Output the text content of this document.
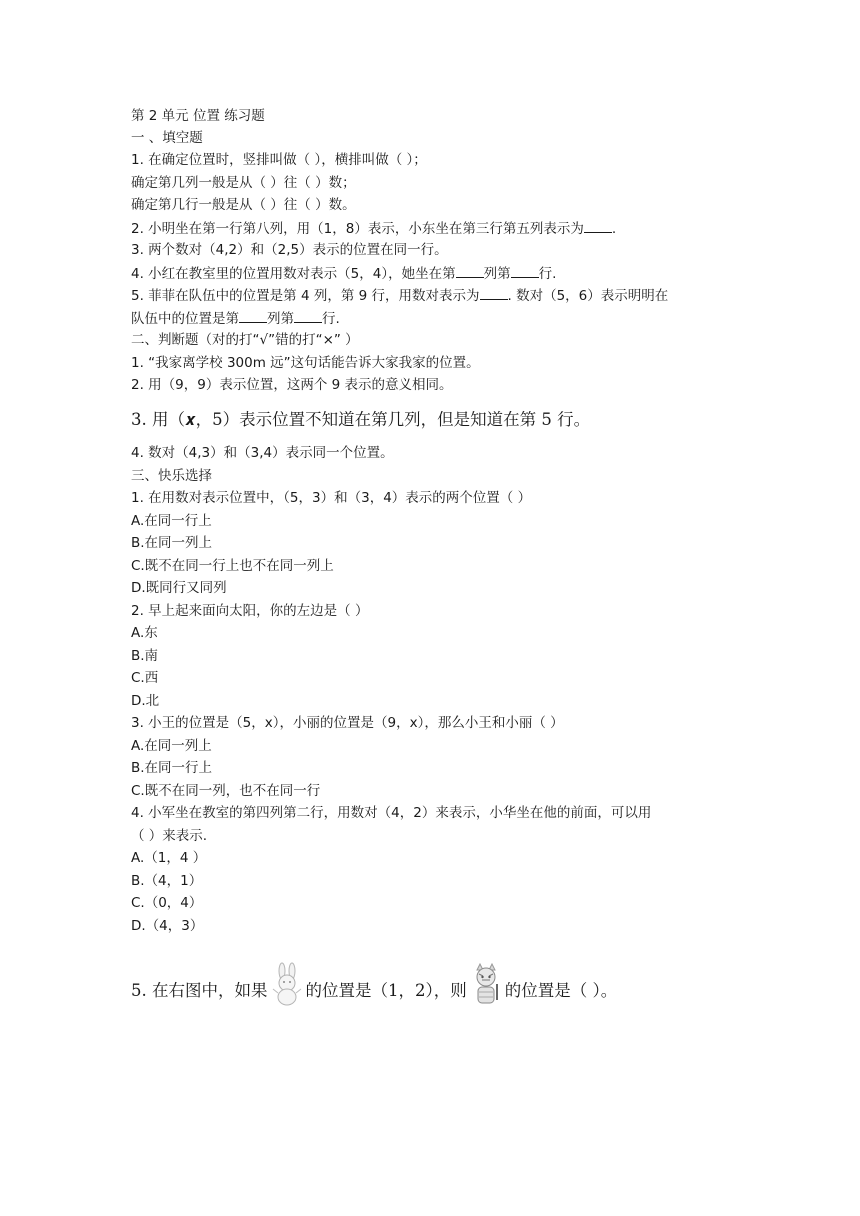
第 2 单元 位置 练习题
一 、填空题
1. 在确定位置时，竖排叫做（ ），横排叫做（ ）；
确定第几列一般是从（ ）往（ ）数；
确定第几行一般是从（ ）往（ ）数。
2. 小明坐在第一行第八列，用（1，8）表示，小东坐在第三行第五列表示为 .
3. 两个数对（4,2）和（2,5）表示的位置在同一行。
4. 小红在教室里的位置用数对表示（5，4），她坐在第 列第 行.
5. 菲菲在队伍中的位置是第 4 列，第 9 行，用数对表示为 . 数对（5，6）表示明明在
队伍中的位置是第 列第 行.
二、判断题（对的打“√”错的打“×” ）
1. “我家离学校 300m 远”这句话能告诉大家我家的位置。
2. 用（9，9）表示位置，这两个 9 表示的意义相同。
3. 用（𝒙，5）表示位置不知道在第几列，但是知道在第 5 行。
4. 数对（4,3）和（3,4）表示同一个位置。
三、快乐选择
1. 在用数对表示位置中，（5，3）和（3，4）表示的两个位置（ ）
A.在同一行上
B.在同一列上
C.既不在同一行上也不在同一列上
D.既同行又同列
2. 早上起来面向太阳，你的左边是（ ）
A.东
B.南
C.西
D.北
3. 小王的位置是（5，x），小丽的位置是（9，x），那么小王和小丽（ ）
A.在同一列上
B.在同一行上
C.既不在同一列，也不在同一行
4. 小军坐在教室的第四列第二行，用数对（4，2）来表示，小华坐在他的前面，可以用
（ ）来表示.
A.（1，4 ）
B.（4，1）
C.（0，4）
D.（4，3）
5. 在右图中，如果 的位置是（1，2），则 的位置是（ ）。
